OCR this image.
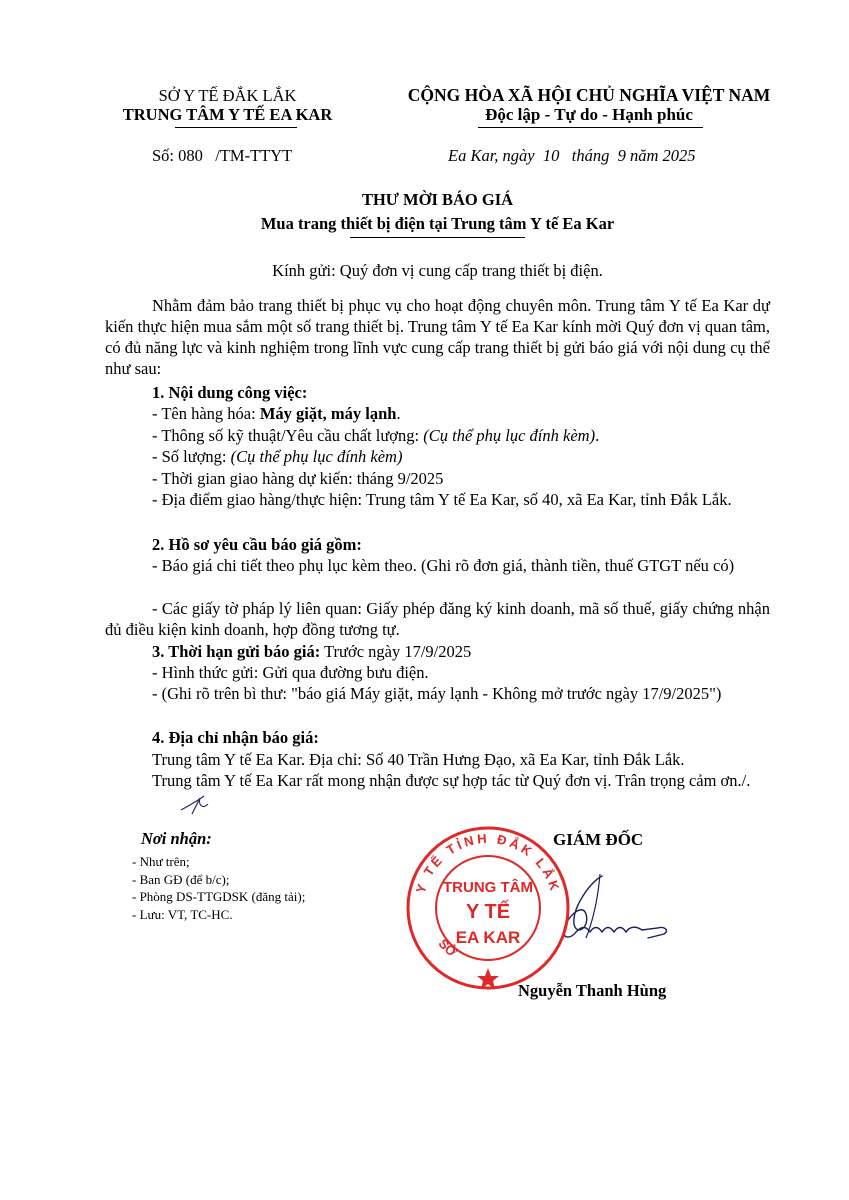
SỞ Y TẾ ĐẮK LẮK
TRUNG TÂM Y TẾ EA KAR
CỘNG HÒA XÃ HỘI CHỦ NGHĨA VIỆT NAM
Độc lập - Tự do - Hạnh phúc
Số: 080   /TM-TTYT	Ea Kar, ngày  10   tháng  9 năm 2025
THƯ MỜI BÁO GIÁ
Mua trang thiết bị điện tại Trung tâm Y tế Ea Kar
Kính gửi: Quý đơn vị cung cấp trang thiết bị điện.
Nhằm đảm bảo trang thiết bị phục vụ cho hoạt động chuyên môn. Trung tâm Y tế Ea Kar dự kiến thực hiện mua sắm một số trang thiết bị. Trung tâm Y tế Ea Kar kính mời Quý đơn vị quan tâm, có đủ năng lực và kinh nghiệm trong lĩnh vực cung cấp trang thiết bị gửi báo giá với nội dung cụ thể như sau:
1. Nội dung công việc:
- Tên hàng hóa: Máy giặt, máy lạnh.
- Thông số kỹ thuật/Yêu cầu chất lượng: (Cụ thể phụ lục đính kèm).
- Số lượng: (Cụ thể phụ lục đính kèm)
- Thời gian giao hàng dự kiến: tháng 9/2025
- Địa điểm giao hàng/thực hiện: Trung tâm Y tế Ea Kar, số 40, xã Ea Kar, tỉnh Đắk Lắk.
2. Hồ sơ yêu cầu báo giá gồm:
- Báo giá chi tiết theo phụ lục kèm theo. (Ghi rõ đơn giá, thành tiền, thuế GTGT nếu có)
- Các giấy tờ pháp lý liên quan: Giấy phép đăng ký kinh doanh, mã số thuế, giấy chứng nhận đủ điều kiện kinh doanh, hợp đồng tương tự.
3. Thời hạn gửi báo giá: Trước ngày 17/9/2025
- Hình thức gửi: Gửi qua đường bưu điện.
- (Ghi rõ trên bì thư: "báo giá Máy giặt, máy lạnh - Không mở trước ngày 17/9/2025")
4. Địa chỉ nhận báo giá:
Trung tâm Y tế Ea Kar. Địa chỉ: Số 40 Trần Hưng Đạo, xã Ea Kar, tỉnh Đắk Lắk.
Trung tâm Y tế Ea Kar rất mong nhận được sự hợp tác từ Quý đơn vị. Trân trọng cảm ơn./.
Nơi nhận:
- Như trên;
- Ban GĐ (để b/c);
- Phòng DS-TTGDSK (đăng tải);
- Lưu: VT, TC-HC.
GIÁM ĐỐC
Y TẾ TỈNH ĐẮK LẮK
SỞ
TRUNG TÂM
Y TẾ
EA KAR
Nguyễn Thanh Hùng
